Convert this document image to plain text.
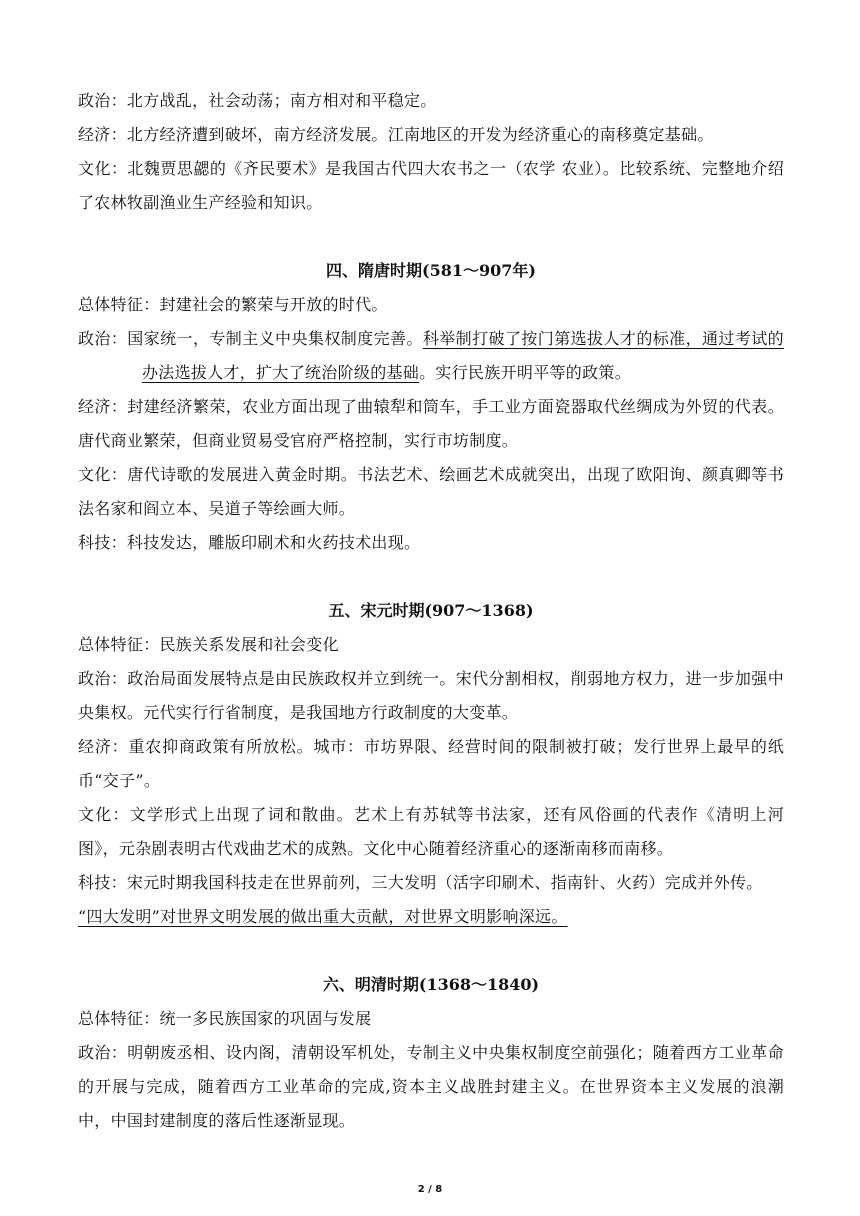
政治：北方战乱，社会动荡；南方相对和平稳定。

经济：北方经济遭到破坏，南方经济发展。江南地区的开发为经济重心的南移奠定基础。

文化：北魏贾思勰的《齐民要术》是我国古代四大农书之一（农学 农业）。比较系统、完整地介绍了农林牧副渔业生产经验和知识。

四、隋唐时期(581～907年)

总体特征：封建社会的繁荣与开放的时代。

政治：国家统一，专制主义中央集权制度完善。科举制打破了按门第选拔人才的标准，通过考试的办法选拔人才，扩大了统治阶级的基础。实行民族开明平等的政策。

经济：封建经济繁荣，农业方面出现了曲辕犁和筒车，手工业方面瓷器取代丝绸成为外贸的代表。唐代商业繁荣，但商业贸易受官府严格控制，实行市坊制度。

文化：唐代诗歌的发展进入黄金时期。书法艺术、绘画艺术成就突出，出现了欧阳询、颜真卿等书法名家和阎立本、吴道子等绘画大师。

科技：科技发达，雕版印刷术和火药技术出现。

五、宋元时期(907～1368)

总体特征：民族关系发展和社会变化

政治：政治局面发展特点是由民族政权并立到统一。宋代分割相权，削弱地方权力，进一步加强中央集权。元代实行行省制度，是我国地方行政制度的大变革。

经济：重农抑商政策有所放松。城市：市坊界限、经营时间的限制被打破；发行世界上最早的纸币“交子”。

文化：文学形式上出现了词和散曲。艺术上有苏轼等书法家，还有风俗画的代表作《清明上河图》，元杂剧表明古代戏曲艺术的成熟。文化中心随着经济重心的逐渐南移而南移。

科技：宋元时期我国科技走在世界前列，三大发明（活字印刷术、指南针、火药）完成并外传。

“四大发明”对世界文明发展的做出重大贡献，对世界文明影响深远。

六、明清时期(1368～1840)

总体特征：统一多民族国家的巩固与发展

政治：明朝废丞相、设内阁，清朝设军机处，专制主义中央集权制度空前强化；随着西方工业革命的开展与完成，随着西方工业革命的完成,资本主义战胜封建主义。在世界资本主义发展的浪潮中，中国封建制度的落后性逐渐显现。

2 / 8
